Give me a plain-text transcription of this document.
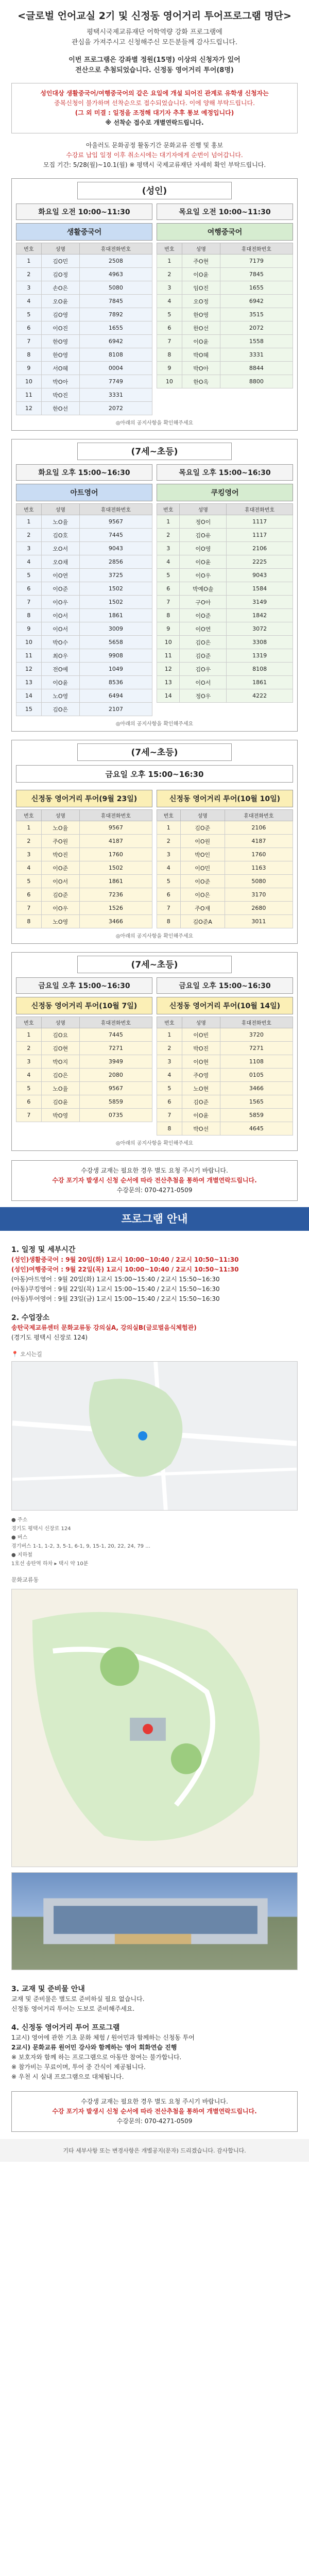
<글로벌 언어교실 2기 및 신정동 영어거리 투어프로그램 명단>

평택시국제교류재단 어학역량 강화 프로그램에

관심을 가져주시고 신청해주신 모든분들께 감사드립니다.

이번 프로그램은 강좌별 정원(15명) 이상의 신청자가 있어

전산으로 추첨되었습니다. 신정동 영어거리 투어(8명)

성인대상 생활중국어/여행중국어의 같은 요일에 개설 되어진 관계로 유학생 신청자는
중복신청이 불가하며 선착순으로 접수되었습니다. 이에 양해 부탁드립니다.
(그 외 미결 : 일정을 조정해 대기자 추후 통보 예정입니다)
※ 선착순 접수로 개별연락드립니다.
아울러도 문화공정 활동기간 문화교류 진행 및 홍보
수강료 납입 일정 이후 취소시에는 대기자에게 순번이 넘어갑니다.
모집 기간: 5/28(월)~10.1(월) ※ 평택시 국제교류재단 자세히 확인 부탁드립니다.
(성인)
화요일 오전 10:00~11:30
생활중국어
번호	성명	휴대전화번호
1	김O민	2508
2	김O정	4963
3	손O은	5080
4	오O윤	7845
5	김O영	7892
6	이O진	1655
7	한O영	6942
8	한O영	8108
9	서O혜	0004
10	박O아	7749
11	박O진	3331
12	한O선	2072
목요일 오전 10:00~11:30
여행중국어
번호	성명	휴대전화번호
1	주O현	7179
2	이O윤	7845
3	임O진	1655
4	오O정	6942
5	한O영	3515
6	한O선	2072
7	이O윤	1558
8	박O혜	3331
9	박O아	8844
10	한O옥	8800
◎아래의 공지사항을 확인해주세요
(7세~초등)
화요일 오후 15:00~16:30
아트영어
번호	성명	휴대전화번호
1	노O율	9567
2	김O호	7445
3	오O서	9043
4	오O채	2856
5	이O연	3725
6	이O준	1502
7	이O우	1502
8	이O서	1861
9	이O서	3009
10	박O수	5658
11	최O우	9908
12	전O예	1049
13	이O윤	8536
14	노O영	6494
15	김O은	2107
목요일 오후 15:00~16:30
쿠킹영어
번호	성명	휴대전화번호
1	정O이	1117
2	김O유	1117
3	이O영	2106
4	이O윤	2225
5	이O우	9043
6	박예O솔	1584
7	구O아	3149
8	이O준	1842
9	이O연	3072
10	김O은	3308
11	김O준	1319
12	김O우	8108
13	이O서	1861
14	정O우	4222
◎아래의 공지사항을 확인해주세요
(7세~초등)
금요일 오후 15:00~16:30
신정동 영어거리 투어(9월 23일)
번호	성명	휴대전화번호
1	노O율	9567
2	주O원	4187
3	박O진	1760
4	이O준	1502
5	이O서	1861
6	김O준	7236
7	이O우	1526
8	노O영	3466
신정동 영어거리 투어(10월 10일)
번호	성명	휴대전화번호
1	김O준	2106
2	이O원	4187
3	박O인	1760
4	이O민	1163
5	이O준	5080
6	이O은	3170
7	주O재	2680
8	김O준A	3011
◎아래의 공지사항을 확인해주세요
(7세~초등)
금요일 오후 15:00~16:30
신정동 영어거리 투어(10월 7일)
번호	성명	휴대전화번호
1	김O요	7445
2	김O현	7271
3	박O지	3949
4	김O은	2080
5	노O율	9567
6	김O윤	5859
7	박O영	0735
금요일 오후 15:00~16:30
신정동 영어거리 투어(10월 14일)
번호	성명	휴대전화번호
1	이O빈	3720
2	박O진	7271
3	이O현	1108
4	주O영	0105
5	노O현	3466
6	김O준	1565
7	이O윤	5859
8	박O선	4645
◎아래의 공지사항을 확인해주세요
수강생 교재는 필요한 경우 별도 요청 주시기 바랍니다.
수강 포기자 발생시 신청 순서에 따라 전산추첨을 통하여 개별연락드립니다.
수강문의: 070-4271-0509
프로그램 안내
1. 일정 및 세부시간
(성인)생활중국어 : 9월 20일(화) 1교시 10:00~10:40 / 2교시 10:50~11:30
(성인)여행중국어 : 9월 22일(목) 1교시 10:00~10:40 / 2교시 10:50~11:30
(아동)아트영어 : 9월 20일(화) 1교시 15:00~15:40 / 2교시 15:50~16:30
(아동)쿠킹영어 : 9월 22일(목) 1교시 15:00~15:40 / 2교시 15:50~16:30
(아동)투어영어 : 9월 23일(금) 1교시 15:00~15:40 / 2교시 15:50~16:30
2. 수업장소
송탄국제교류센터 문화교류동 강의실A, 강의실B(글로벌음식체험관)
(경기도 평택시 신장로 124)
📍 오시는길
● 주소
경기도 평택시 신장로 124
● 버스
경기버스 1-1, 1-2, 3, 5-1, 6-1, 9, 15-1, 20, 22, 24, 79 ...
● 지하철
1호선 송탄역 하차 ▸ 택시 약 10분
문화교류동
3. 교재 및 준비물 안내
교재 및 준비물은 별도로 준비하실 필요 없습니다.
신정동 영어거리 투어는 도보로 준비해주세요.
4. 신정동 영어거리 투어 프로그램
1교시) 영어에 관한 기초 문화 체험 / 원어민과 함께하는 신청동 투어
2교시) 문화교류 원어민 강사와 함께하는 영어 회화연습 진행
※ 보호자와 함께 하는 프로그램으로 아동만 참여는 불가합니다.
※ 참가비는 무료이며, 투어 중 간식이 제공됩니다.
※ 우천 시 실내 프로그램으로 대체됩니다.
수강생 교재는 필요한 경우 별도 요청 주시기 바랍니다.
수강 포기자 발생시 신청 순서에 따라 전산추첨을 통하여 개별연락드립니다.
수강문의: 070-4271-0509
기타 세부사항 또는 변경사항은 개별공지(문자) 드리겠습니다. 감사합니다.
